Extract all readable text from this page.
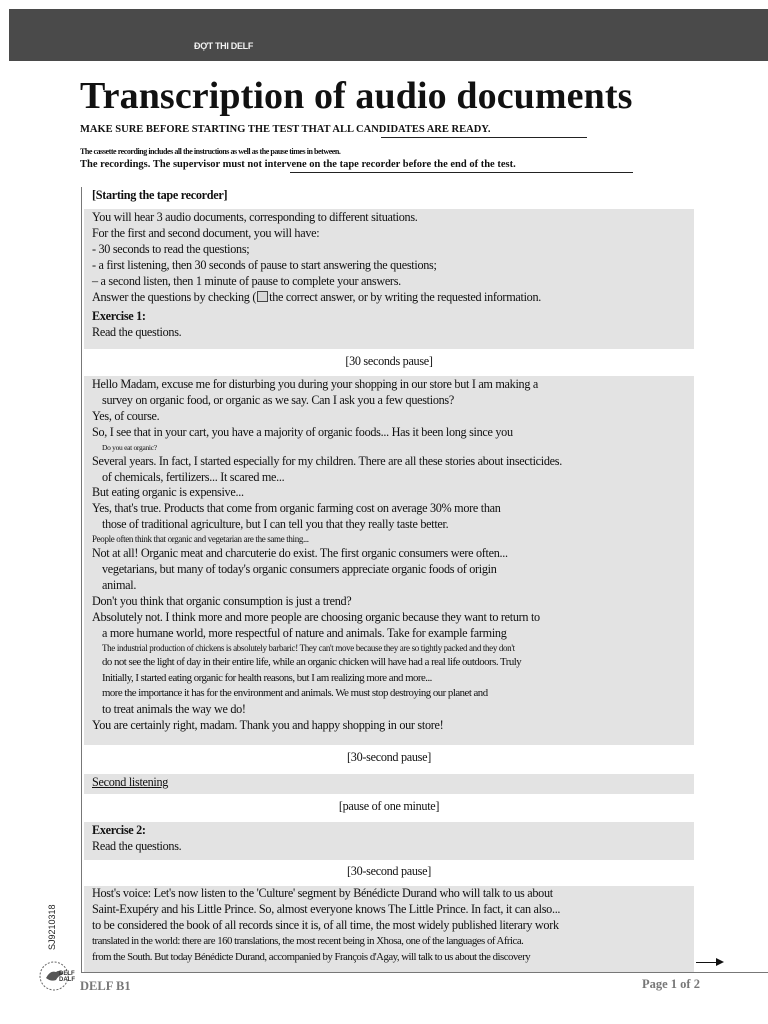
ĐỢT THI DELF
Transcription of audio documents
MAKE SURE BEFORE STARTING THE TEST THAT ALL CANDIDATES ARE READY.
The cassette recording includes all the instructions as well as the pause times in between.
The recordings. The supervisor must not intervene on the tape recorder before the end of the test.
[Starting the tape recorder]
You will hear 3 audio documents, corresponding to different situations.
For the first and second document, you will have:
- 30 seconds to read the questions;
- a first listening, then 30 seconds of pause to start answering the questions;
– a second listen, then 1 minute of pause to complete your answers.
Answer the questions by checking ( the correct answer, or by writing the requested information.
Exercise 1:
Read the questions.
[30 seconds pause]
Hello Madam, excuse me for disturbing you during your shopping in our store but I am making a
survey on organic food, or organic as we say. Can I ask you a few questions?
Yes, of course.
So, I see that in your cart, you have a majority of organic foods... Has it been long since you
Do you eat organic?
Several years. In fact, I started especially for my children. There are all these stories about insecticides.
of chemicals, fertilizers... It scared me...
But eating organic is expensive...
Yes, that's true. Products that come from organic farming cost on average 30% more than
those of traditional agriculture, but I can tell you that they really taste better.
People often think that organic and vegetarian are the same thing...
Not at all! Organic meat and charcuterie do exist. The first organic consumers were often...
vegetarians, but many of today's organic consumers appreciate organic foods of origin
animal.
Don't you think that organic consumption is just a trend?
Absolutely not. I think more and more people are choosing organic because they want to return to
a more humane world, more respectful of nature and animals. Take for example farming
The industrial production of chickens is absolutely barbaric! They can't move because they are so tightly packed and they don't
do not see the light of day in their entire life, while an organic chicken will have had a real life outdoors. Truly
Initially, I started eating organic for health reasons, but I am realizing more and more...
more the importance it has for the environment and animals. We must stop destroying our planet and
to treat animals the way we do!
You are certainly right, madam. Thank you and happy shopping in our store!
[30-second pause]
Second listening
[pause of one minute]
Exercise 2:
Read the questions.
[30-second pause]
Host's voice: Let's now listen to the 'Culture' segment by Bénédicte Durand who will talk to us about
Saint-Exupéry and his Little Prince. So, almost everyone knows The Little Prince. In fact, it can also...
to be considered the book of all records since it is, of all time, the most widely published literary work
translated in the world: there are 160 translations, the most recent being in Xhosa, one of the languages of Africa.
from the South. But today Bénédicte Durand, accompanied by François d'Agay, will talk to us about the discovery
SJ9210318
DELF
DALF DELF B1	Page 1 of 2
